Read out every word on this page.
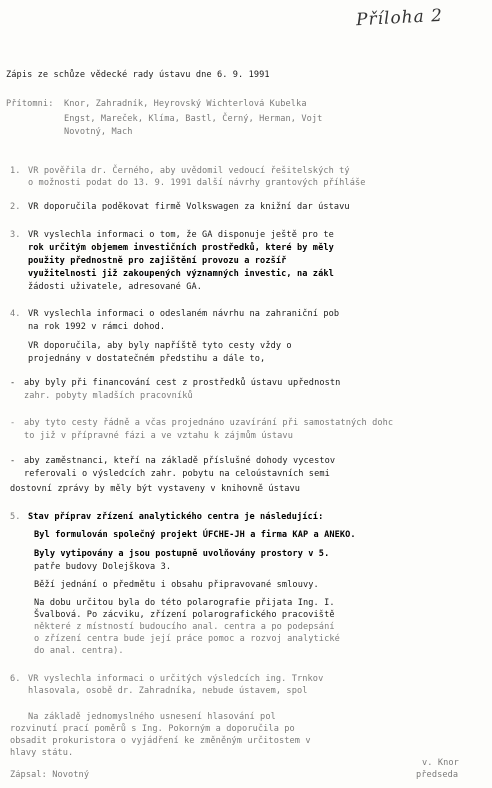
Příloha 2
Zápis ze schůze vědecké rady ústavu dne 6. 9. 1991
Přítomni: Knor, Zahradník, Heyrovský Wichterlová Kubelka
Engst, Mareček, Klíma, Bastl, Černý, Herman, Vojt
Novotný, Mach
1. VR pověřila dr. Černého, aby uvědomil vedoucí řešitelských tý
o možnosti podat do 13. 9. 1991 další návrhy grantových příhláše
2. VR doporučila poděkovat firmě Volkswagen za knižní dar ústavu
3. VR vyslechla informaci o tom, že GA disponuje ještě pro te
rok určitým objemem investičních prostředků, které by měly
použity přednostně pro zajištění provozu a rozšíř
využitelnosti již zakoupených významných investic, na zákl
žádosti uživatele, adresované GA.
4. VR vyslechla informaci o odeslaném návrhu na zahraniční pob
na rok 1992 v rámci dohod.
VR doporučila, aby byly napříště tyto cesty vždy o
projednány v dostatečném předstihu a dále to,
- aby byly při financování cest z prostředků ústavu upřednostn
zahr. pobyty mladších pracovníků
- aby tyto cesty řádně a včas projednáno uzavírání při samostatných dohc
to již v přípravné fázi a ve vztahu k zájmům ústavu
- aby zaměstnanci, kteří na základě příslušné dohody vycestov
referovali o výsledcích zahr. pobytu na celoústavních semi
dostovní zprávy by měly být vystaveny v knihovně ústavu
5. Stav příprav zřízení analytického centra je následující:
Byl formulován společný projekt ÚFCHE-JH a firma KAP a ANEKO.
Byly vytipovány a jsou postupně uvolňovány prostory v 5.
patře budovy Dolejškova 3.
Běží jednání o předmětu i obsahu připravované smlouvy.
Na dobu určitou byla do této polarografie přijata Ing. I.
Švalbová. Po zácviku, zřízení polarografického pracoviště
některé z místností budoucího anal. centra a po podepsání
o zřízení centra bude její práce pomoc a rozvoj analytické
do anal. centra).
6. VR vyslechla informaci o určitých výsledcích ing. Trnkov
hlasovala, osobě dr. Zahradníka, nebude ústavem, spol
Na základě jednomyslného usnesení hlasování pol
rozvinutí prací poměrů s Ing. Pokorným a doporučila po
obsadit prokuristora o vyjádření ke změněným určitostem v
hlavy státu.
v. Knor
předseda
Zápsal: Novotný
